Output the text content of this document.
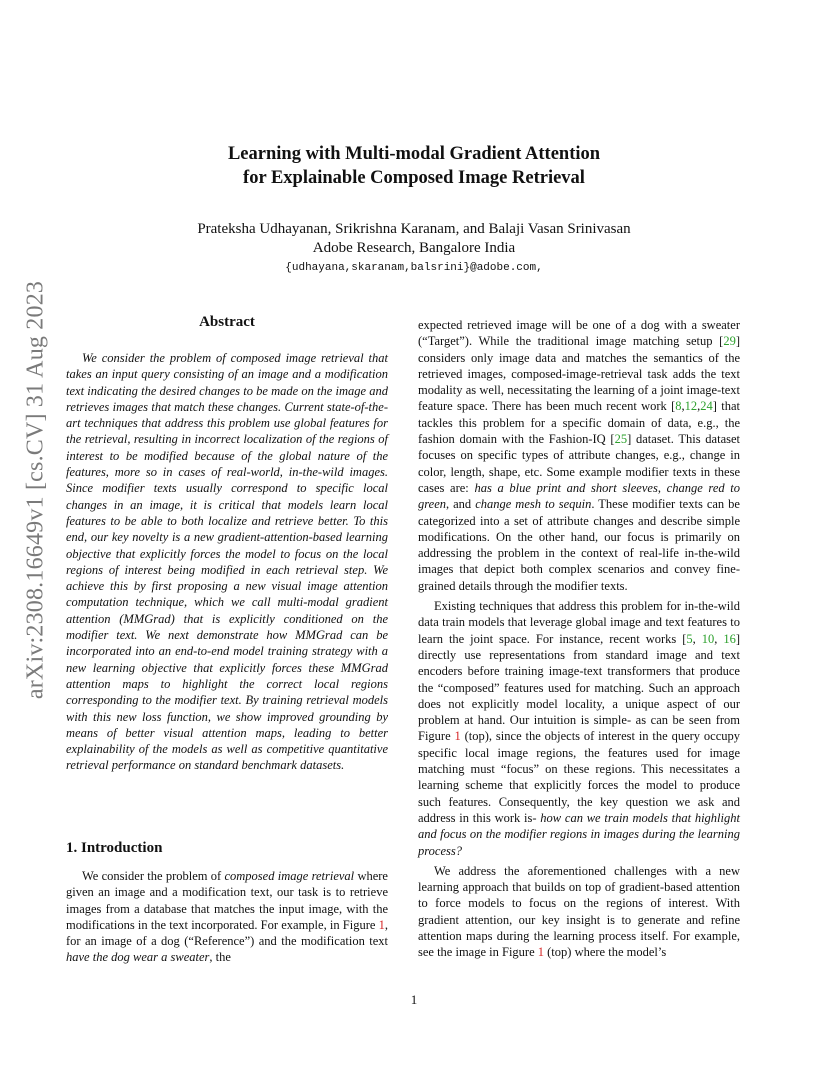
arXiv:2308.16649v1 [cs.CV] 31 Aug 2023
Learning with Multi-modal Gradient Attention
for Explainable Composed Image Retrieval
Prateksha Udhayanan, Srikrishna Karanam, and Balaji Vasan Srinivasan
Adobe Research, Bangalore India
{udhayana,skaranam,balsrini}@adobe.com,
Abstract

We consider the problem of composed image retrieval that takes an input query consisting of an image and a modification text indicating the desired changes to be made on the image and retrieves images that match these changes. Current state-of-the-art techniques that address this problem use global features for the retrieval, resulting in incorrect localization of the regions of interest to be modified because of the global nature of the features, more so in cases of real-world, in-the-wild images. Since modifier texts usually correspond to specific local changes in an image, it is critical that models learn local features to be able to both localize and retrieve better. To this end, our key novelty is a new gradient-attention-based learning objective that explicitly forces the model to focus on the local regions of interest being modified in each retrieval step. We achieve this by first proposing a new visual image attention computation technique, which we call multi-modal gradient attention (MMGrad) that is explicitly conditioned on the modifier text. We next demonstrate how MMGrad can be incorporated into an end-to-end model training strategy with a new learning objective that explicitly forces these MMGrad attention maps to highlight the correct local regions corresponding to the modifier text. By training retrieval models with this new loss function, we show improved grounding by means of better visual attention maps, leading to better explainability of the models as well as competitive quantitative retrieval performance on standard benchmark datasets.

1. Introduction

We consider the problem of composed image retrieval where given an image and a modification text, our task is to retrieve images from a database that matches the input image, with the modifications in the text incorporated. For example, in Figure 1, for an image of a dog (“Reference”) and the modification text have the dog wear a sweater, the

expected retrieved image will be one of a dog with a sweater (“Target”). While the traditional image matching setup [29] considers only image data and matches the semantics of the retrieved images, composed-image-retrieval task adds the text modality as well, necessitating the learning of a joint image-text feature space. There has been much recent work [8,12,24] that tackles this problem for a specific domain of data, e.g., the fashion domain with the Fashion-IQ [25] dataset. This dataset focuses on specific types of attribute changes, e.g., change in color, length, shape, etc. Some example modifier texts in these cases are: has a blue print and short sleeves, change red to green, and change mesh to sequin. These modifier texts can be categorized into a set of attribute changes and describe simple modifications. On the other hand, our focus is primarily on addressing the problem in the context of real-life in-the-wild images that depict both complex scenarios and convey fine-grained details through the modifier texts.

Existing techniques that address this problem for in-the-wild data train models that leverage global image and text features to learn the joint space. For instance, recent works [5, 10, 16] directly use representations from standard image and text encoders before training image-text transformers that produce the “composed” features used for matching. Such an approach does not explicitly model locality, a unique aspect of our problem at hand. Our intuition is simple- as can be seen from Figure 1 (top), since the objects of interest in the query occupy specific local image regions, the features used for image matching must “focus” on these regions. This necessitates a learning scheme that explicitly forces the model to produce such features. Consequently, the key question we ask and address in this work is- how can we train models that highlight and focus on the modifier regions in images during the learning process?

We address the aforementioned challenges with a new learning approach that builds on top of gradient-based attention to force models to focus on the regions of interest. With gradient attention, our key insight is to generate and refine attention maps during the learning process itself. For example, see the image in Figure 1 (top) where the model’s

1
